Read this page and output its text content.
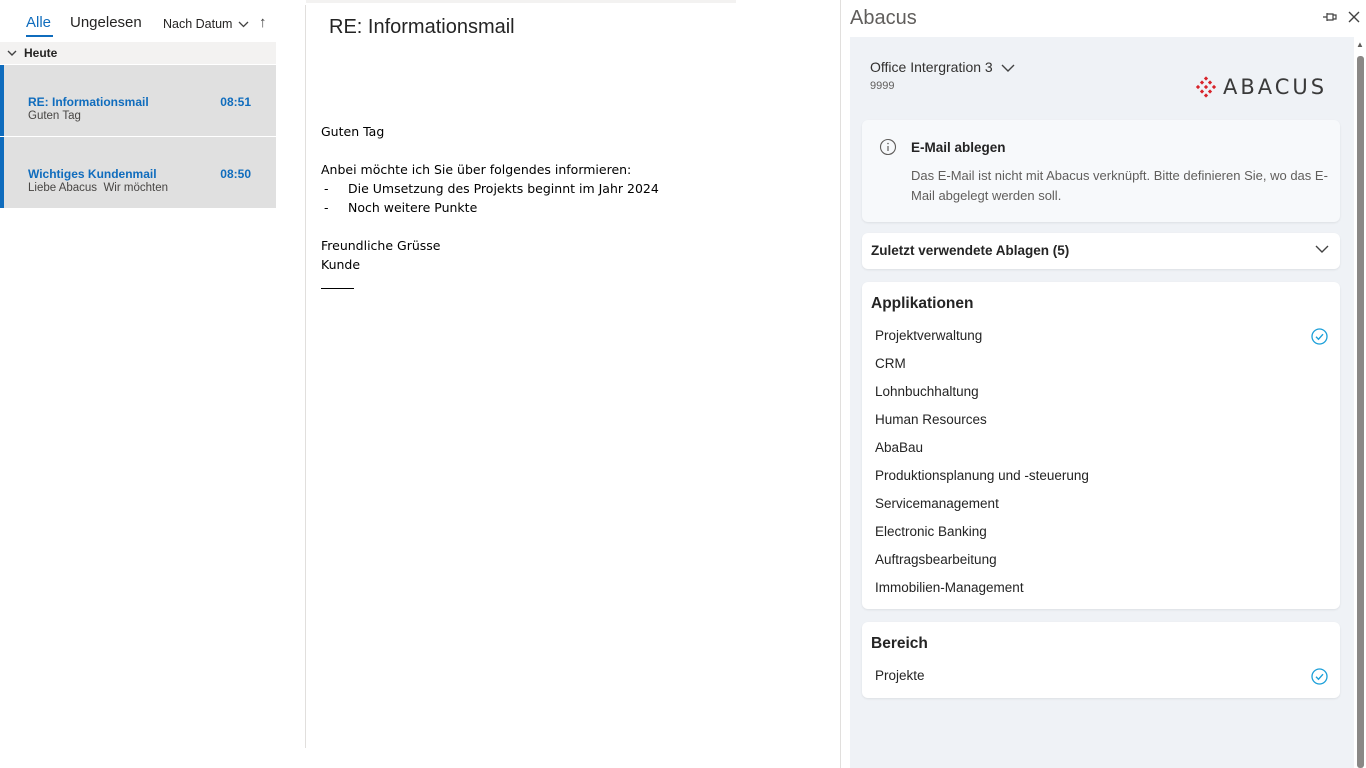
Alle Ungelesen Nach Datum ↑
Heute
RE: Informationsmail	08:51
Guten Tag
Wichtiges Kundenmail	08:50
Liebe Abacus  Wir möchten
RE: Informationsmail
Guten Tag
Anbei möchte ich Sie über folgendes informieren:
-	Die Umsetzung des Projekts beginnt im Jahr 2024
-	Noch weitere Punkte
Freundliche Grüsse
Kunde
Abacus
Office Intergration 3
9999	ABACUS
E-Mail ablegen
Das E-Mail ist nicht mit Abacus verknüpft. Bitte definieren Sie, wo das E-Mail abgelegt werden soll.
Zuletzt verwendete Ablagen (5)
Applikationen
Projektverwaltung
CRM
Lohnbuchhaltung
Human Resources
AbaBau
Produktionsplanung und -steuerung
Servicemanagement
Electronic Banking
Auftragsbearbeitung
Immobilien-Management
Bereich
Projekte
▲
